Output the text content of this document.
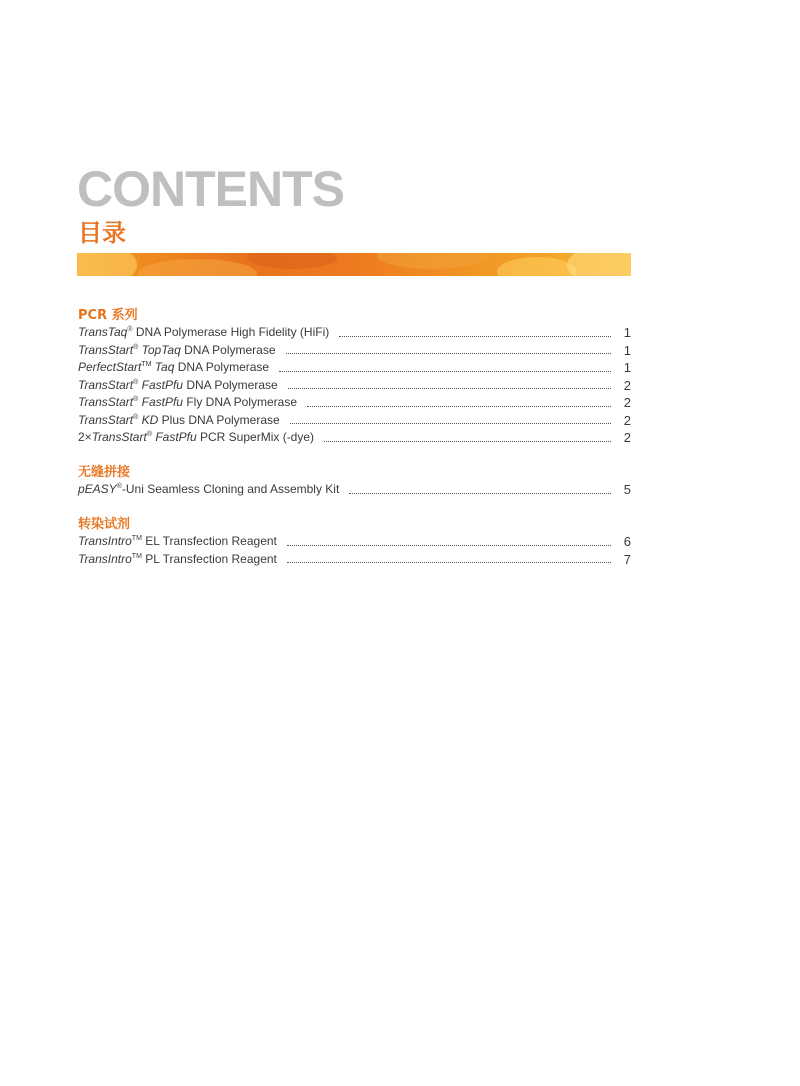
CONTENTS
目录
PCR 系列
TransTaq® DNA Polymerase High Fidelity (HiFi)	1
TransStart® TopTaq DNA Polymerase	1
PerfectStart™ Taq DNA Polymerase	1
TransStart® FastPfu DNA Polymerase	2
TransStart® FastPfu Fly DNA Polymerase	2
TransStart® KD Plus DNA Polymerase	2
2×TransStart® FastPfu PCR SuperMix (-dye)	2
无缝拼接
pEASY®-Uni Seamless Cloning and Assembly Kit	5
转染试剂
TransIntro™ EL Transfection Reagent	6
TransIntro™ PL Transfection Reagent	7
